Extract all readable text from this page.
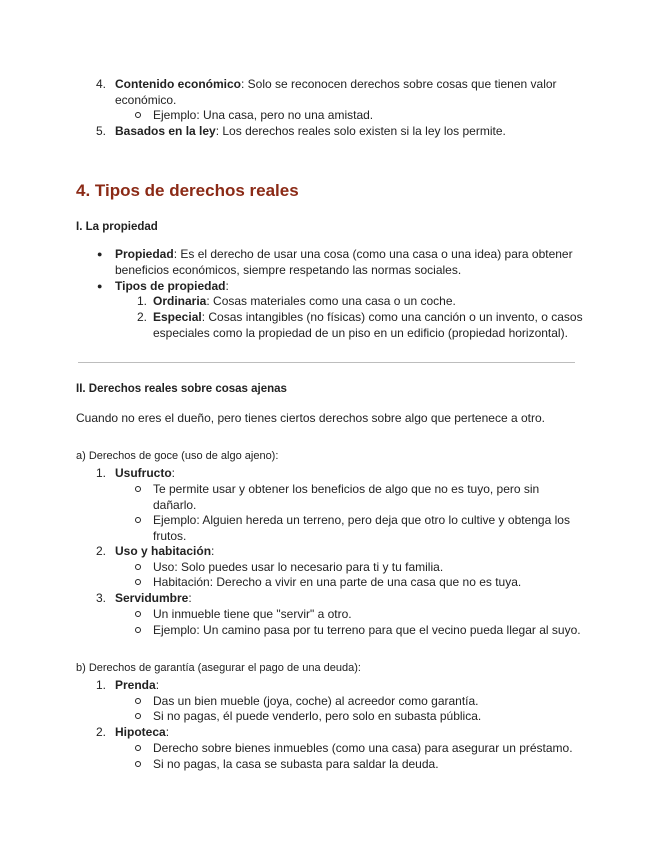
4. Contenido económico: Solo se reconocen derechos sobre cosas que tienen valor

económico.

Ejemplo: Una casa, pero no una amistad.

5. Basados en la ley: Los derechos reales solo existen si la ley los permite.

4. Tipos de derechos reales
I. La propiedad
● Propiedad: Es el derecho de usar una cosa (como una casa o una idea) para obtener

beneficios económicos, siempre respetando las normas sociales.

● Tipos de propiedad:

1. Ordinaria: Cosas materiales como una casa o un coche.

2. Especial: Cosas intangibles (no físicas) como una canción o un invento, o casos

especiales como la propiedad de un piso en un edificio (propiedad horizontal).

II. Derechos reales sobre cosas ajenas

Cuando no eres el dueño, pero tienes ciertos derechos sobre algo que pertenece a otro.

a) Derechos de goce (uso de algo ajeno):

1. Usufructo:

Te permite usar y obtener los beneficios de algo que no es tuyo, pero sin

dañarlo.

Ejemplo: Alguien hereda un terreno, pero deja que otro lo cultive y obtenga los

frutos.

2. Uso y habitación:

Uso: Solo puedes usar lo necesario para ti y tu familia.

Habitación: Derecho a vivir en una parte de una casa que no es tuya.

3. Servidumbre:

Un inmueble tiene que "servir" a otro.

Ejemplo: Un camino pasa por tu terreno para que el vecino pueda llegar al suyo.

b) Derechos de garantía (asegurar el pago de una deuda):

1. Prenda:

Das un bien mueble (joya, coche) al acreedor como garantía.

Si no pagas, él puede venderlo, pero solo en subasta pública.

2. Hipoteca:

Derecho sobre bienes inmuebles (como una casa) para asegurar un préstamo.

Si no pagas, la casa se subasta para saldar la deuda.
